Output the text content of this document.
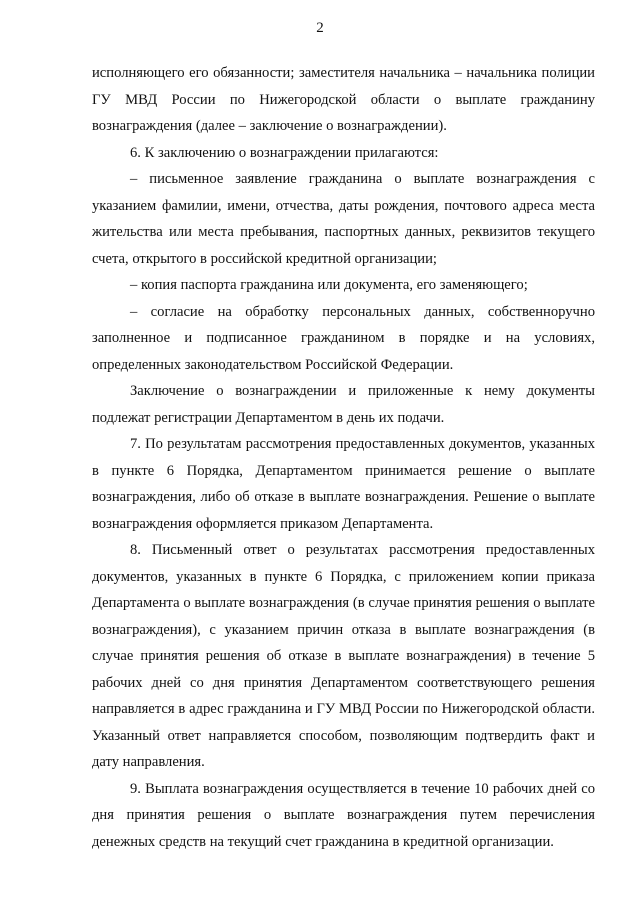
2

исполняющего его обязанности; заместителя начальника – начальника полиции ГУ МВД России по Нижегородской области о выплате гражданину вознаграждения (далее – заключение о вознаграждении).

6. К заключению о вознаграждении прилагаются:

– письменное заявление гражданина о выплате вознаграждения с указанием фамилии, имени, отчества, даты рождения, почтового адреса места жительства или места пребывания, паспортных данных, реквизитов текущего счета, открытого в российской кредитной организации;

– копия паспорта гражданина или документа, его заменяющего;

– согласие на обработку персональных данных, собственноручно заполненное и подписанное гражданином в порядке и на условиях, определенных законодательством Российской Федерации.

Заключение о вознаграждении и приложенные к нему документы подлежат регистрации Департаментом в день их подачи.

7. По результатам рассмотрения предоставленных документов, указанных в пункте 6 Порядка, Департаментом принимается решение о выплате вознаграждения, либо об отказе в выплате вознаграждения. Решение о выплате вознаграждения оформляется приказом Департамента.

8. Письменный ответ о результатах рассмотрения предоставленных документов, указанных в пункте 6 Порядка, с приложением копии приказа Департамента о выплате вознаграждения (в случае принятия решения о выплате вознаграждения), с указанием причин отказа в выплате вознаграждения (в случае принятия решения об отказе в выплате вознаграждения) в течение 5 рабочих дней со дня принятия Департаментом соответствующего решения направляется в адрес гражданина и ГУ МВД России по Нижегородской области. Указанный ответ направляется способом, позволяющим подтвердить факт и дату направления.

9. Выплата вознаграждения осуществляется в течение 10 рабочих дней со дня принятия решения о выплате вознаграждения путем перечисления денежных средств на текущий счет гражданина в кредитной организации.
